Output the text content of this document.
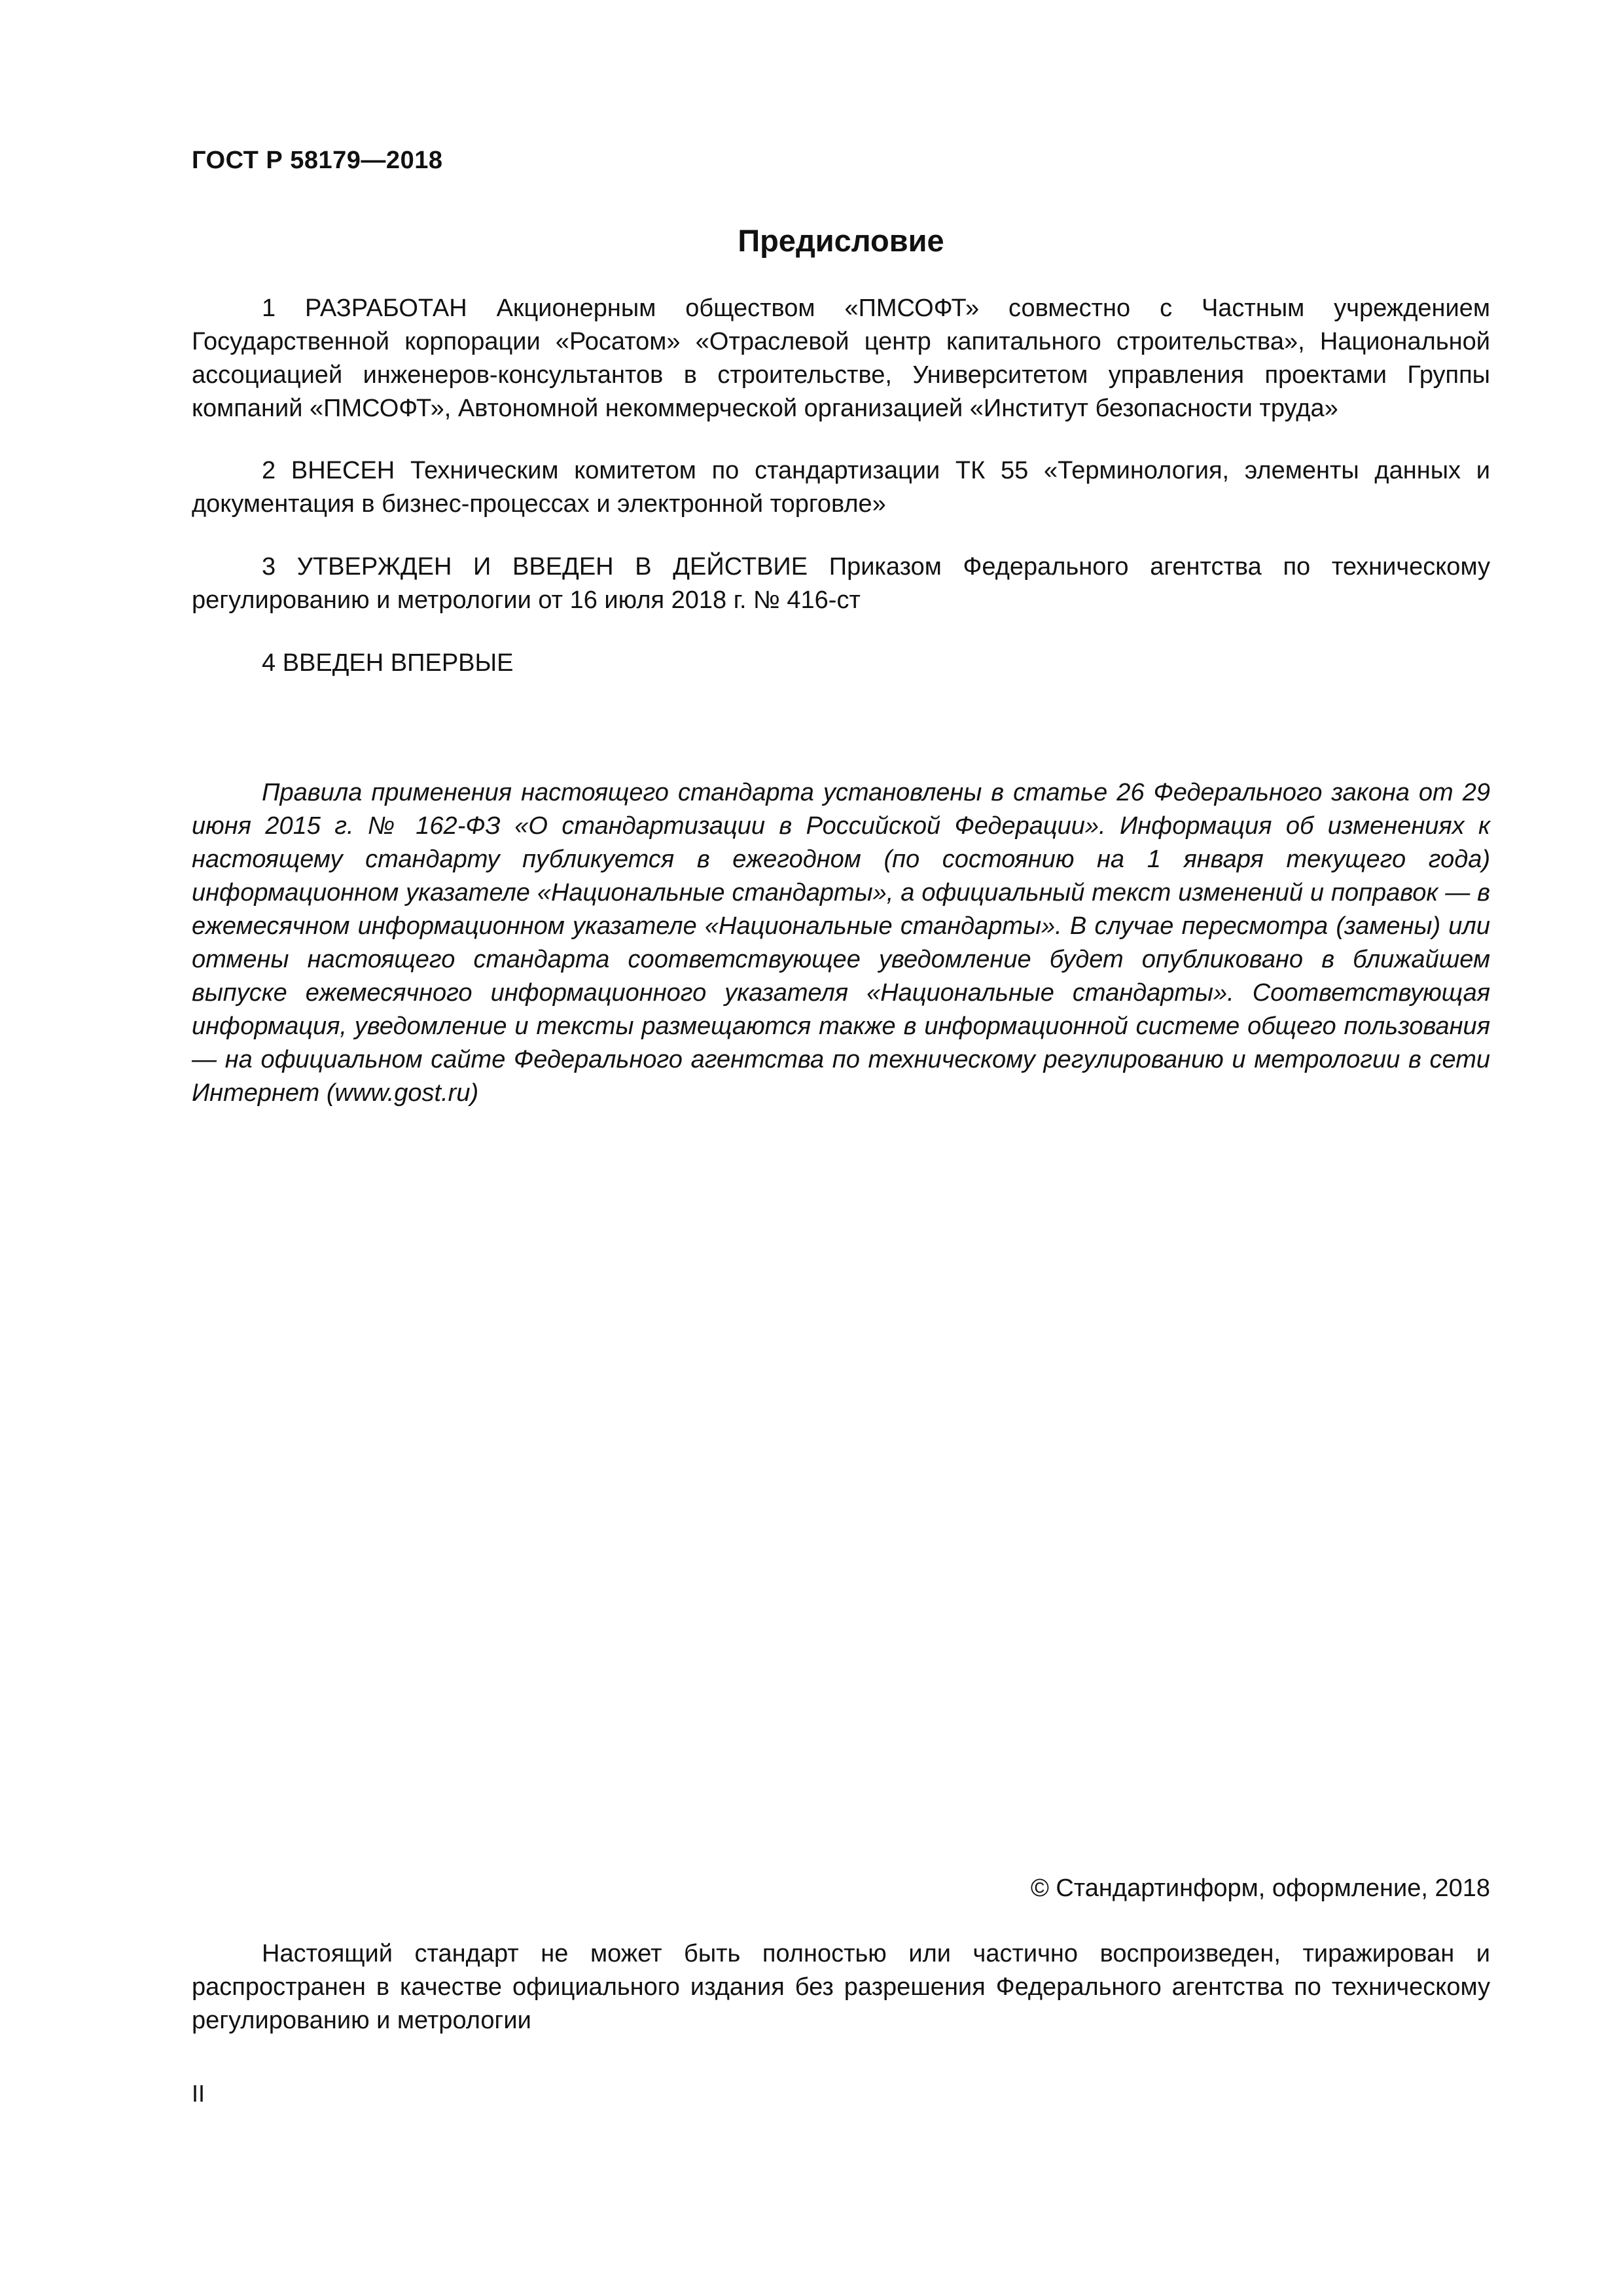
ГОСТ Р 58179—2018

Предисловие

1 РАЗРАБОТАН Акционерным обществом «ПМСОФТ» совместно с Частным учреждением Государственной корпорации «Росатом» «Отраслевой центр капитального строительства», Национальной ассоциацией инженеров-консультантов в строительстве, Университетом управления проектами Группы компаний «ПМСОФТ», Автономной некоммерческой организацией «Институт безопасности труда»

2 ВНЕСЕН Техническим комитетом по стандартизации ТК 55 «Терминология, элементы данных и документация в бизнес-процессах и электронной торговле»

3 УТВЕРЖДЕН И ВВЕДЕН В ДЕЙСТВИЕ Приказом Федерального агентства по техническому регулированию и метрологии от 16 июля 2018 г. № 416-ст

4 ВВЕДЕН ВПЕРВЫЕ

Правила применения настоящего стандарта установлены в статье 26 Федерального закона от 29 июня 2015 г. № 162-ФЗ «О стандартизации в Российской Федерации». Информация об изменениях к настоящему стандарту публикуется в ежегодном (по состоянию на 1 января текущего года) информационном указателе «Национальные стандарты», а официальный текст изменений и поправок — в ежемесячном информационном указателе «Национальные стандарты». В случае пересмотра (замены) или отмены настоящего стандарта соответствующее уведомление будет опубликовано в ближайшем выпуске ежемесячного информационного указателя «Национальные стандарты». Соответствующая информация, уведомление и тексты размещаются также в информационной системе общего пользования — на официальном сайте Федерального агентства по техническому регулированию и метрологии в сети Интернет (www.gost.ru)

© Стандартинформ, оформление, 2018

Настоящий стандарт не может быть полностью или частично воспроизведен, тиражирован и распространен в качестве официального издания без разрешения Федерального агентства по техническому регулированию и метрологии

II
